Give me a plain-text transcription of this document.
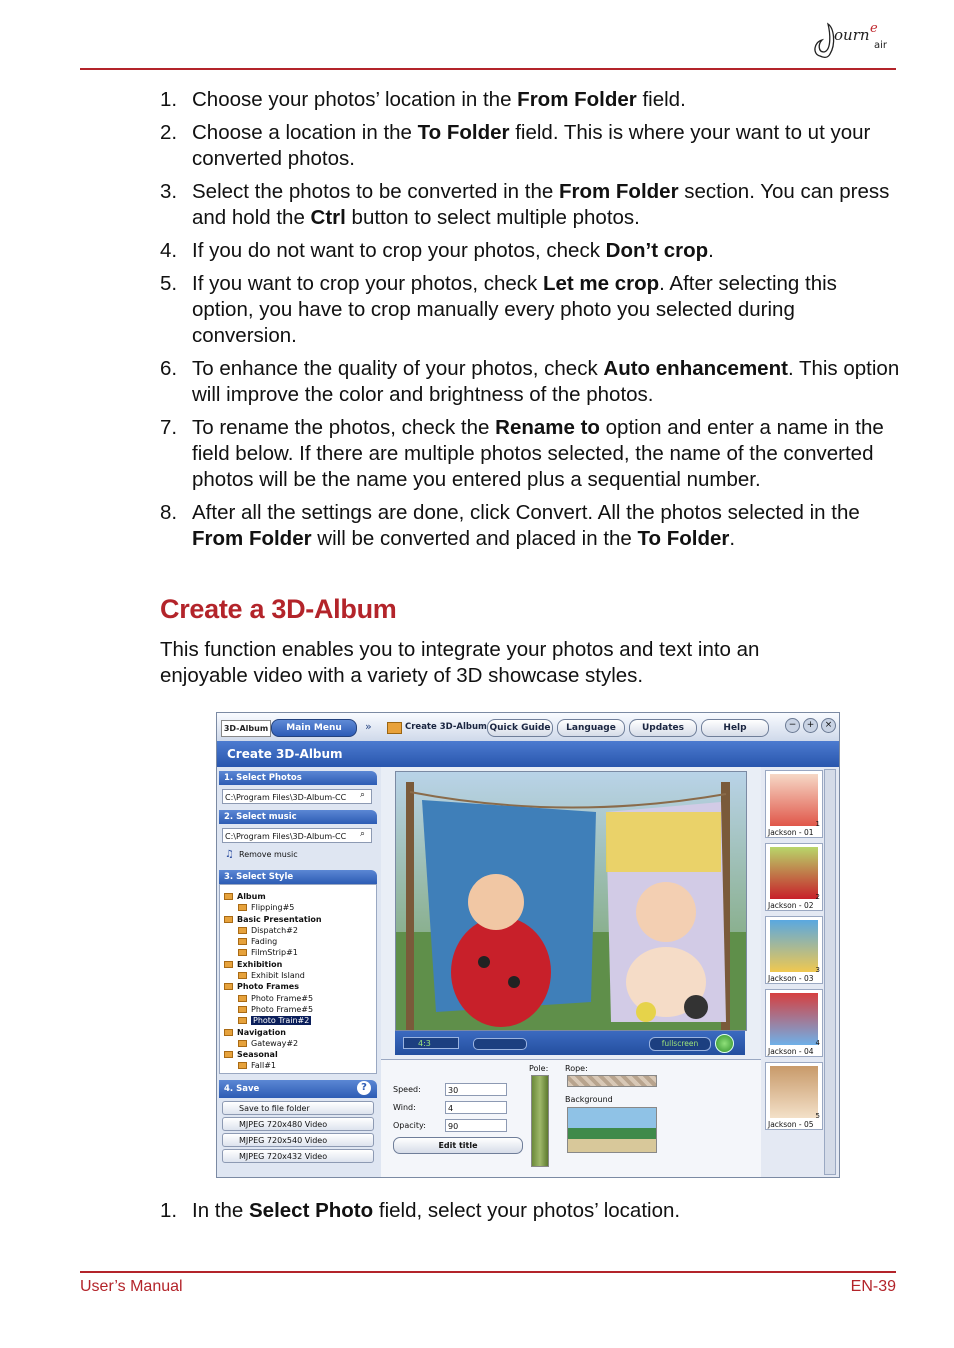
ourn e
air
1. Choose your photos’ location in the From Folder field.
2. Choose a location in the To Folder field. This is where your want to ut your converted photos.
3. Select the photos to be converted in the From Folder section. You can press and hold the Ctrl button to select multiple photos.
4. If you do not want to crop your photos, check Don’t crop.
5. If you want to crop your photos, check Let me crop. After selecting this option, you have to crop manually every photo you selected during conversion.
6. To enhance the quality of your photos, check Auto enhancement. This option will improve the color and brightness of the photos.
7. To rename the photos, check the Rename to option and enter a name in the field below. If there are multiple photos selected, the name of the converted photos will be the name you entered plus a sequential number.
8. After all the settings are done, click Convert. All the photos selected in the From Folder will be converted and placed in the To Folder.
Create a 3D-Album
This function enables you to integrate your photos and text into an enjoyable video with a variety of 3D showcase styles.
3D-Album	Main Menu	»	Create 3D-Album Quick Guide	Language	Updates	Help	−	+	×
Create 3D-Album
1. Select Photos
C:\Program Files\3D-Album-CC	⌕
2. Select music
C:\Program Files\3D-Album-CC	⌕
♫ Remove music
3. Select Style
Album
Flipping#5
Basic Presentation
Dispatch#2
Fading
FilmStrip#1
Exhibition
Exhibit Island
Photo Frames
Photo Frame#5
Photo Frame#5
Photo Train#2
Navigation
Gateway#2
Seasonal
Fall#1
4. Save	?
Save to file folder
MJPEG 720x480 Video
MJPEG 720x540 Video
MJPEG 720x432 Video
4:3	fullscreen
Speed:	30
Wind:	4
Opacity:	90
Edit title
Pole: Rope:
Background
1
Jackson - 01
2
Jackson - 02
3
Jackson - 03
4
Jackson - 04
5
Jackson - 05
1. In the Select Photo field, select your photos’ location.
User’s Manual	EN-39
